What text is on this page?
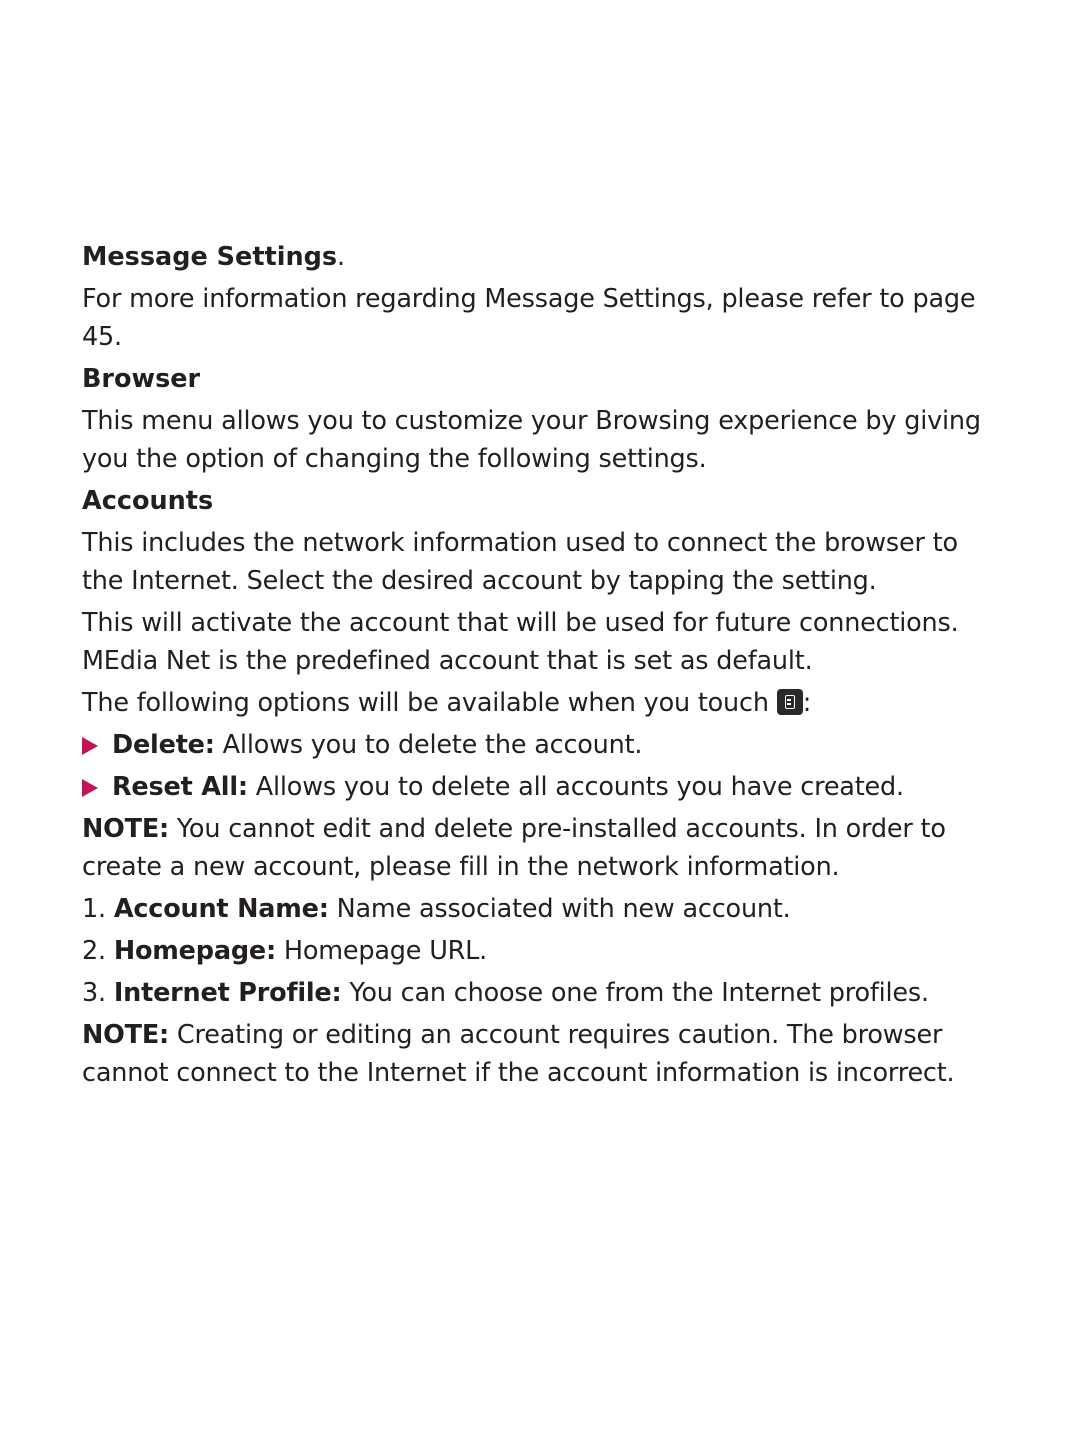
Message Settings.

For more information regarding Message Settings, please refer to page 45.

Browser

This menu allows you to customize your Browsing experience by giving you the option of changing the following settings.

Accounts

This includes the network information used to connect the browser to the Internet. Select the desired account by tapping the setting.

This will activate the account that will be used for future connections. MEdia Net is the predefined account that is set as default.

The following options will be available when you touch :

Delete: Allows you to delete the account.
Reset All: Allows you to delete all accounts you have created.

NOTE: You cannot edit and delete pre-installed accounts. In order to create a new account, please fill in the network information.

1. Account Name: Name associated with new account.
2. Homepage: Homepage URL.
3. Internet Profile: You can choose one from the Internet profiles.

NOTE: Creating or editing an account requires caution. The browser cannot connect to the Internet if the account information is incorrect.
